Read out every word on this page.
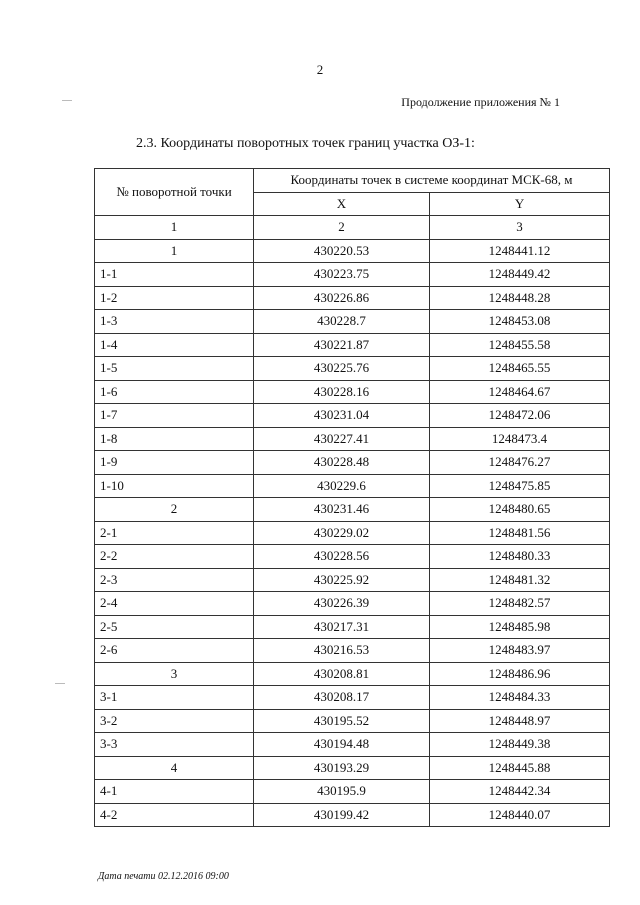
2
Продолжение приложения № 1
2.3. Координаты поворотных точек границ участка ОЗ-1:
№ поворотной точки	Координаты точек в системе координат МСК-68, м	
	X	Y
1	2	3
1	430220.53	1248441.12
1-1	430223.75	1248449.42
1-2	430226.86	1248448.28
1-3	430228.7	1248453.08
1-4	430221.87	1248455.58
1-5	430225.76	1248465.55
1-6	430228.16	1248464.67
1-7	430231.04	1248472.06
1-8	430227.41	1248473.4
1-9	430228.48	1248476.27
1-10	430229.6	1248475.85
2	430231.46	1248480.65
2-1	430229.02	1248481.56
2-2	430228.56	1248480.33
2-3	430225.92	1248481.32
2-4	430226.39	1248482.57
2-5	430217.31	1248485.98
2-6	430216.53	1248483.97
3	430208.81	1248486.96
3-1	430208.17	1248484.33
3-2	430195.52	1248448.97
3-3	430194.48	1248449.38
4	430193.29	1248445.88
4-1	430195.9	1248442.34
4-2	430199.42	1248440.07
Дата печати 02.12.2016 09:00
